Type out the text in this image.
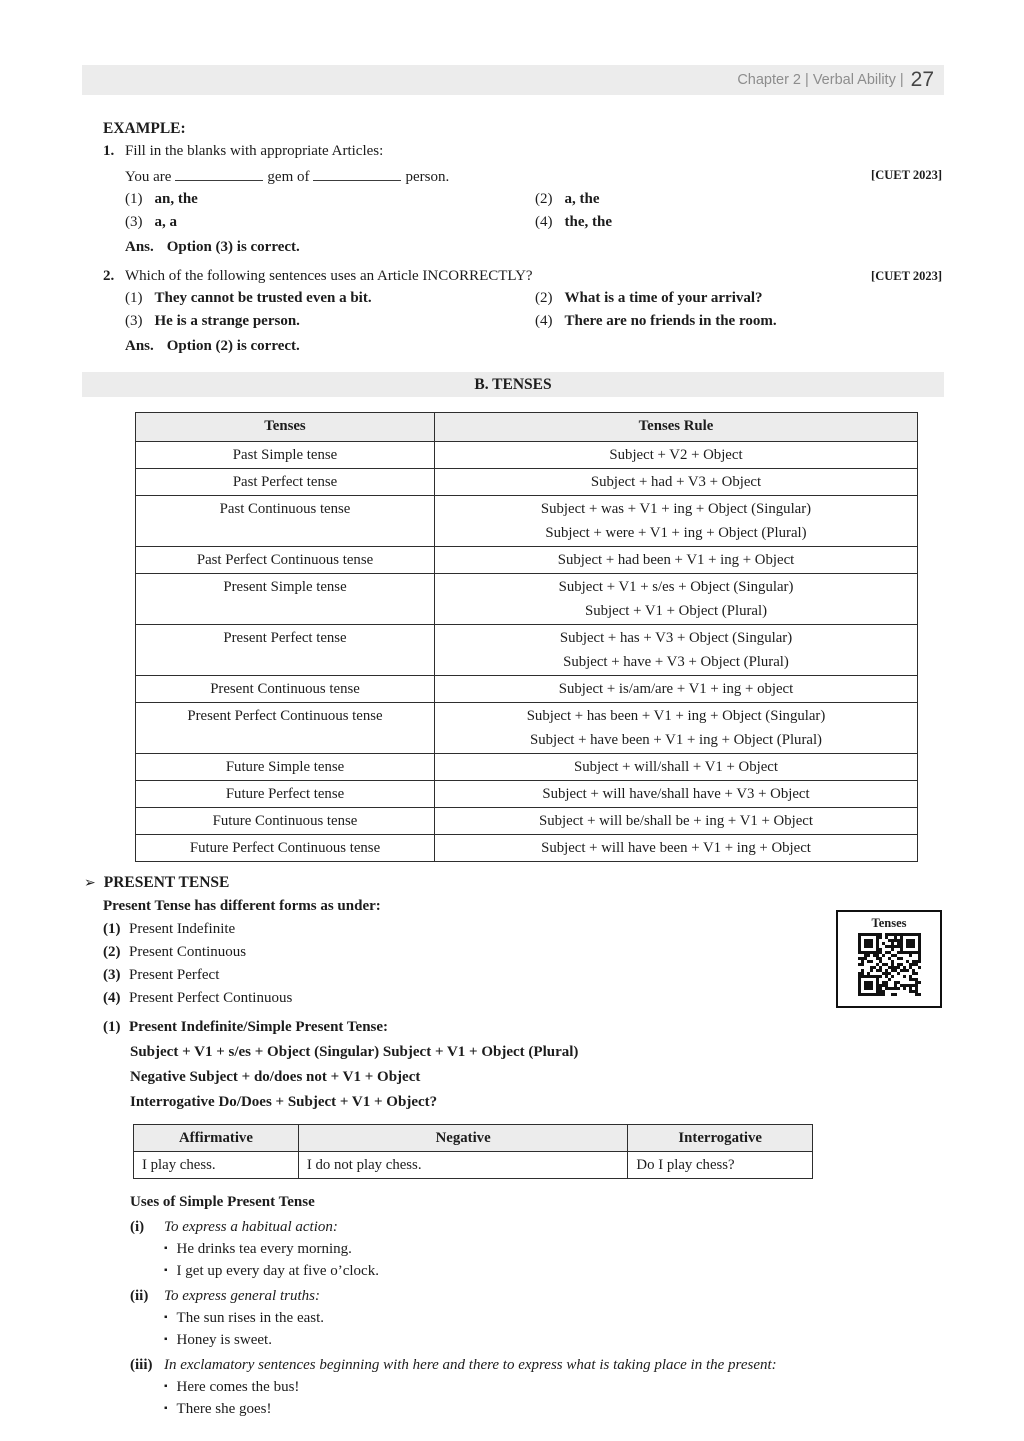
Chapter 2 | Verbal Ability | 27
EXAMPLE:
1. Fill in the blanks with appropriate Articles:
You are	gem of	person.	[CUET 2023]
(1) an, the	(2) a, the
(3) a, a	(4) the, the
Ans. Option (3) is correct.
2. Which of the following sentences uses an Article INCORRECTLY?	[CUET 2023]
(1) They cannot be trusted even a bit.	(2) What is a time of your arrival?
(3) He is a strange person.	(4) There are no friends in the room.
Ans. Option (2) is correct.
B. TENSES
Tenses	Tenses Rule
Past Simple tense	Subject + V2 + Object

Past Perfect tense	Subject + had + V3 + Object

Past Continuous tense	Subject + was + V1 + ing + Object (Singular)
Subject + were + V1 + ing + Object (Plural)

Past Perfect Continuous tense	Subject + had been + V1 + ing + Object

Present Simple tense	Subject + V1 + s/es + Object (Singular)
Subject + V1 + Object (Plural)

Present Perfect tense	Subject + has + V3 + Object (Singular)
Subject + have + V3 + Object (Plural)

Present Continuous tense	Subject + is/am/are + V1 + ing + object

Present Perfect Continuous tense	Subject + has been + V1 + ing + Object (Singular)
Subject + have been + V1 + ing + Object (Plural)

Future Simple tense	Subject + will/shall + V1 + Object

Future Perfect tense	Subject + will have/shall have + V3 + Object

Future Continuous tense	Subject + will be/shall be + ing + V1 + Object

Future Perfect Continuous tense	Subject + will have been + V1 + ing + Object
➢ PRESENT TENSE
Present Tense has different forms as under:
(1) Present Indefinite
(2) Present Continuous
(3) Present Perfect
(4) Present Perfect Continuous
(1) Present Indefinite/Simple Present Tense:
Subject + V1 + s/es + Object (Singular) Subject + V1 + Object (Plural)
Negative Subject + do/does not + V1 + Object
Interrogative Do/Does + Subject + V1 + Object?
Affirmative	Negative	Interrogative
I play chess.	I do not play chess.	Do I play chess?
Uses of Simple Present Tense
(i)	To express a habitual action:
▪ He drinks tea every morning.
▪ I get up every day at five o’clock.
(ii)	To express general truths:
▪ The sun rises in the east.
▪ Honey is sweet.
(iii) In exclamatory sentences beginning with here and there to express what is taking place in the present:
▪ Here comes the bus!
▪ There she goes!
Tenses
